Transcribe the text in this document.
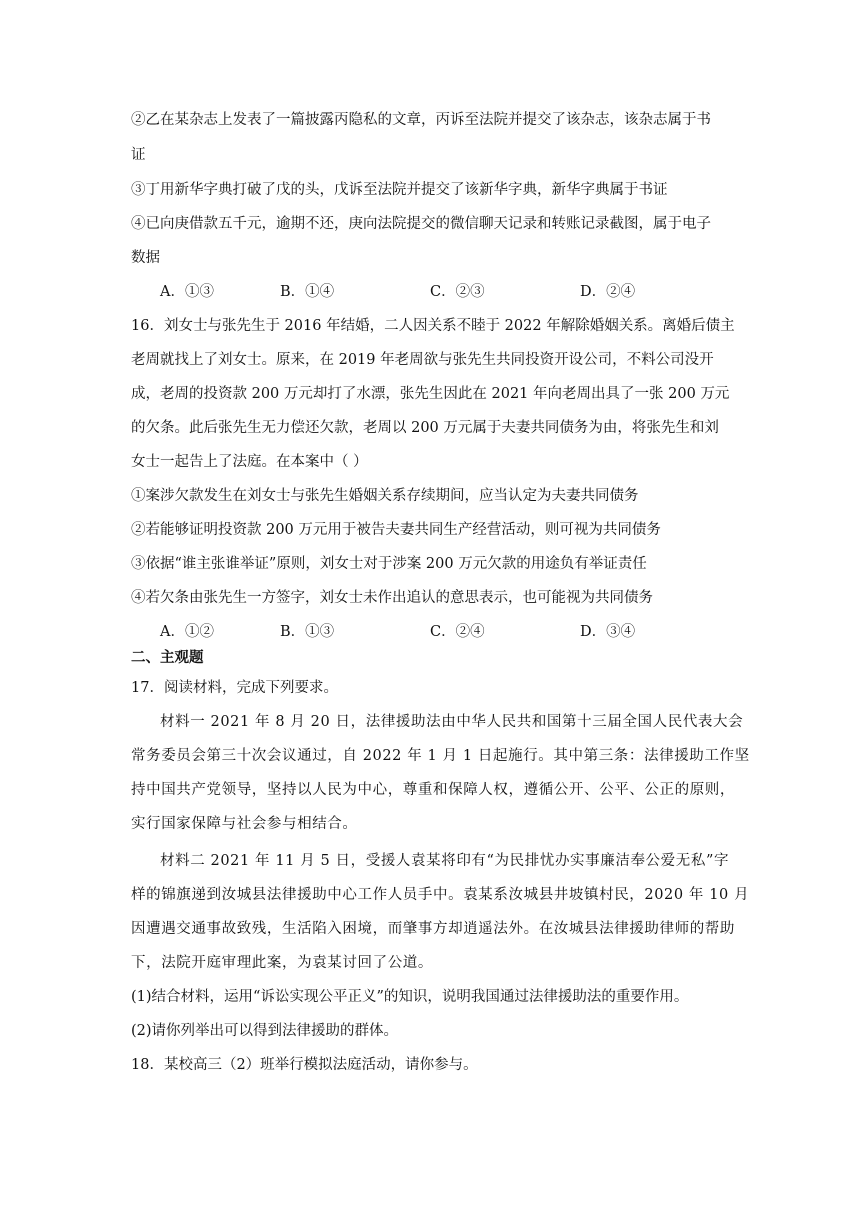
②乙在某杂志上发表了一篇披露丙隐私的文章，丙诉至法院并提交了该杂志，该杂志属于书
证
③丁用新华字典打破了戊的头，戊诉至法院并提交了该新华字典，新华字典属于书证
④已向庚借款五千元，逾期不还，庚向法院提交的微信聊天记录和转账记录截图，属于电子
数据
A．①③	B．①④	C．②③	D．②④
16．刘女士与张先生于 2016 年结婚，二人因关系不睦于 2022 年解除婚姻关系。离婚后债主
老周就找上了刘女士。原来，在 2019 年老周欲与张先生共同投资开设公司，不料公司没开
成，老周的投资款 200 万元却打了水漂，张先生因此在 2021 年向老周出具了一张 200 万元
的欠条。此后张先生无力偿还欠款，老周以 200 万元属于夫妻共同债务为由，将张先生和刘
女士一起告上了法庭。在本案中（ ）
①案涉欠款发生在刘女士与张先生婚姻关系存续期间，应当认定为夫妻共同债务
②若能够证明投资款 200 万元用于被告夫妻共同生产经营活动，则可视为共同债务
③依据“谁主张谁举证”原则，刘女士对于涉案 200 万元欠款的用途负有举证责任
④若欠条由张先生一方签字，刘女士未作出追认的意思表示，也可能视为共同债务
A．①②	B．①③	C．②④	D．③④
二、主观题
17．阅读材料，完成下列要求。
材料一 2021 年 8 月 20 日，法律援助法由中华人民共和国第十三届全国人民代表大会
常务委员会第三十次会议通过，自 2022 年 1 月 1 日起施行。其中第三条：法律援助工作坚
持中国共产党领导，坚持以人民为中心，尊重和保障人权，遵循公开、公平、公正的原则，
实行国家保障与社会参与相结合。
材料二 2021 年 11 月 5 日，受援人袁某将印有“为民排忧办实事廉洁奉公爱无私”字
样的锦旗递到汝城县法律援助中心工作人员手中。袁某系汝城县井坡镇村民，2020 年 10 月
因遭遇交通事故致残，生活陷入困境，而肇事方却逍遥法外。在汝城县法律援助律师的帮助
下，法院开庭审理此案，为袁某讨回了公道。
(1)结合材料，运用“诉讼实现公平正义”的知识，说明我国通过法律援助法的重要作用。
(2)请你列举出可以得到法律援助的群体。
18．某校高三（2）班举行模拟法庭活动，请你参与。
